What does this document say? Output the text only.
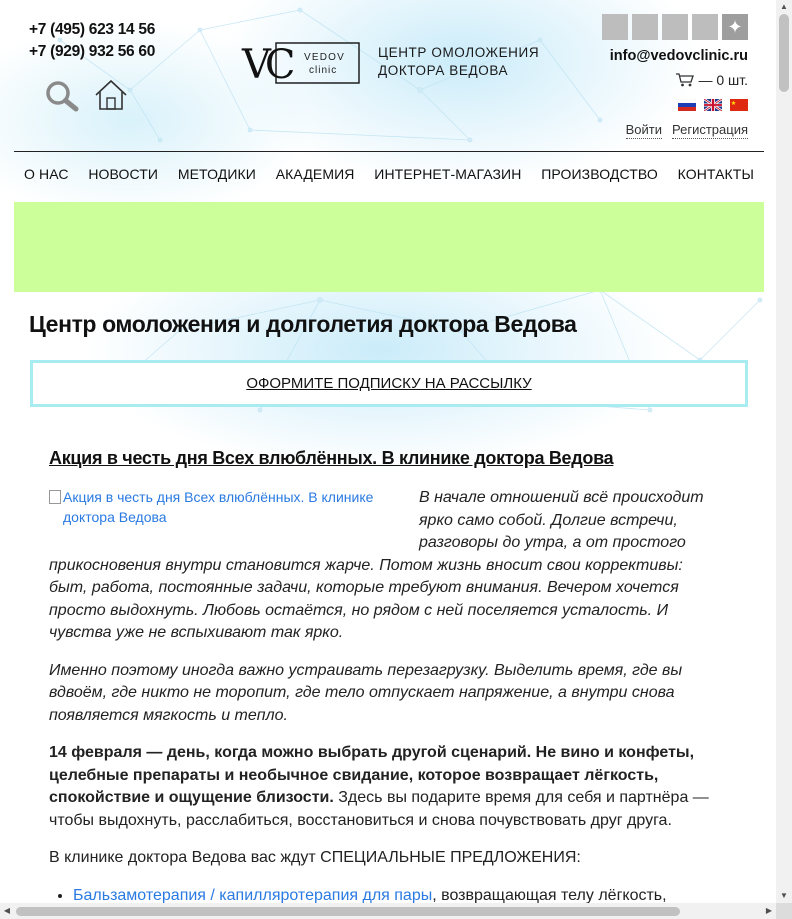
+7 (495) 623 14 56
+7 (929) 932 56 60 VC	VEDOV
clinic
ЦЕНТР ОМОЛОЖЕНИЯ
ДОКТОРА ВЕДОВА
✦
info@vedovclinic.ru
— 0 шт.
Войти Регистрация
О НАС НОВОСТИ МЕТОДИКИ АКАДЕМИЯ ИНТЕРНЕТ-МАГАЗИН ПРОИЗВОДСТВО КОНТАКТЫ
Центр омоложения и долголетия доктора Ведова
ОФОРМИТЕ ПОДПИСКУ НА РАССЫЛКУ
Акция в честь дня Всех влюблённых. В клинике доктора Ведова
Акция в честь дня Всех влюблённых. В клинике доктора Ведова

В начале отношений всё происходит ярко само собой. Долгие встречи, разговоры до утра, а от простого прикосновения внутри становится жарче. Потом жизнь вносит свои коррективы: быт, работа, постоянные задачи, которые требуют внимания. Вечером хочется просто выдохнуть. Любовь остаётся, но рядом с ней поселяется усталость. И чувства уже не вспыхивают так ярко.

Именно поэтому иногда важно устраивать перезагрузку. Выделить время, где вы вдвоём, где никто не торопит, где тело отпускает напряжение, а внутри снова появляется мягкость и тепло.

14 февраля — день, когда можно выбрать другой сценарий. Не вино и конфеты, целебные препараты и необычное свидание, которое возвращает лёгкость, спокойствие и ощущение близости. Здесь вы подарите время для себя и партнёра — чтобы выдохнуть, расслабиться, восстановиться и снова почувствовать друг друга.

В клинике доктора Ведова вас ждут СПЕЦИАЛЬНЫЕ ПРЕДЛОЖЕНИЯ:

• Бальзамотерапия / капилляротерапия для пары, возвращающая телу лёгкость,
▲
▼
◀	▶
